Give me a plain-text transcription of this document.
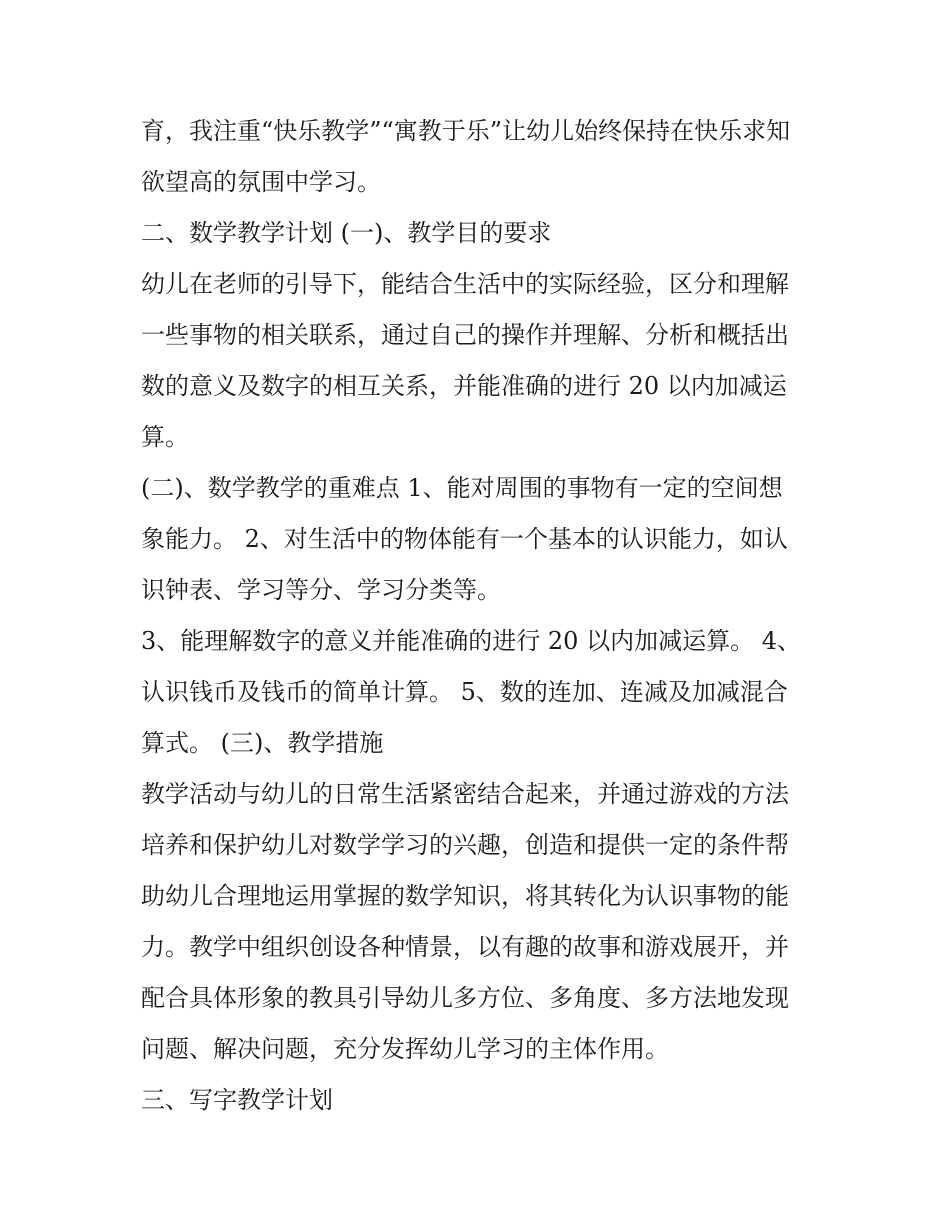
育，我注重“快乐教学”“寓教于乐”让幼儿始终保持在快乐求知
欲望高的氛围中学习。
二、数学教学计划 (一)、教学目的要求
幼儿在老师的引导下，能结合生活中的实际经验，区分和理解
一些事物的相关联系，通过自己的操作并理解、分析和概括出
数的意义及数字的相互关系，并能准确的进行 20 以内加减运
算。
(二)、数学教学的重难点 1、能对周围的事物有一定的空间想
象能力。 2、对生活中的物体能有一个基本的认识能力，如认
识钟表、学习等分、学习分类等。
3、能理解数字的意义并能准确的进行 20 以内加减运算。 4、
认识钱币及钱币的简单计算。 5、数的连加、连减及加减混合
算式。 (三)、教学措施
教学活动与幼儿的日常生活紧密结合起来，并通过游戏的方法
培养和保护幼儿对数学学习的兴趣，创造和提供一定的条件帮
助幼儿合理地运用掌握的数学知识，将其转化为认识事物的能
力。教学中组织创设各种情景，以有趣的故事和游戏展开，并
配合具体形象的教具引导幼儿多方位、多角度、多方法地发现
问题、解决问题，充分发挥幼儿学习的主体作用。
三、写字教学计划
